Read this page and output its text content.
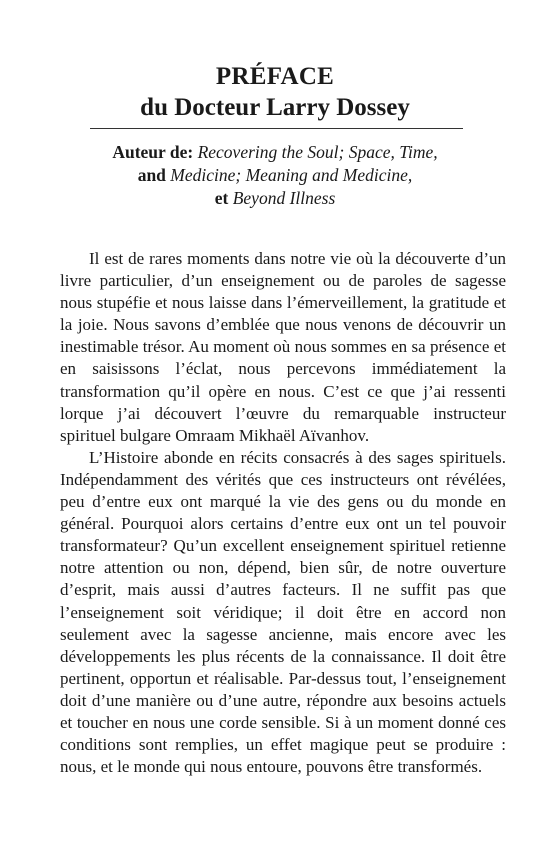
PRÉFACE
du Docteur Larry Dossey
Auteur de: Recovering the Soul; Space, Time,
and Medicine; Meaning and Medicine,
et Beyond Illness

Il est de rares moments dans notre vie où la découverte d’un livre particulier, d’un enseignement ou de paroles de sagesse nous stupéfie et nous laisse dans l’émerveillement, la gratitude et la joie. Nous savons d’emblée que nous venons de découvrir un inestimable trésor. Au moment où nous sommes en sa présence et en saisissons l’éclat, nous percevons immédiatement la transformation qu’il opère en nous. C’est ce que j’ai ressenti lorque j’ai découvert l’œuvre du remarquable instructeur spirituel bulgare Omraam Mikhaël Aïvanhov.

L’Histoire abonde en récits consacrés à des sages spirituels. Indépendamment des vérités que ces instructeurs ont révélées, peu d’entre eux ont marqué la vie des gens ou du monde en général. Pourquoi alors certains d’entre eux ont un tel pouvoir transformateur? Qu’un excellent enseignement spirituel retienne notre attention ou non, dépend, bien sûr, de notre ouverture d’esprit, mais aussi d’autres facteurs. Il ne suffit pas que l’enseignement soit véridique; il doit être en accord non seulement avec la sagesse ancienne, mais encore avec les développements les plus récents de la connaissance. Il doit être pertinent, opportun et réalisable. Par-dessus tout, l’enseignement doit d’une manière ou d’une autre, répondre aux besoins actuels et toucher en nous une corde sensible. Si à un moment donné ces conditions sont remplies, un effet magique peut se produire : nous, et le monde qui nous entoure, pouvons être transformés.
